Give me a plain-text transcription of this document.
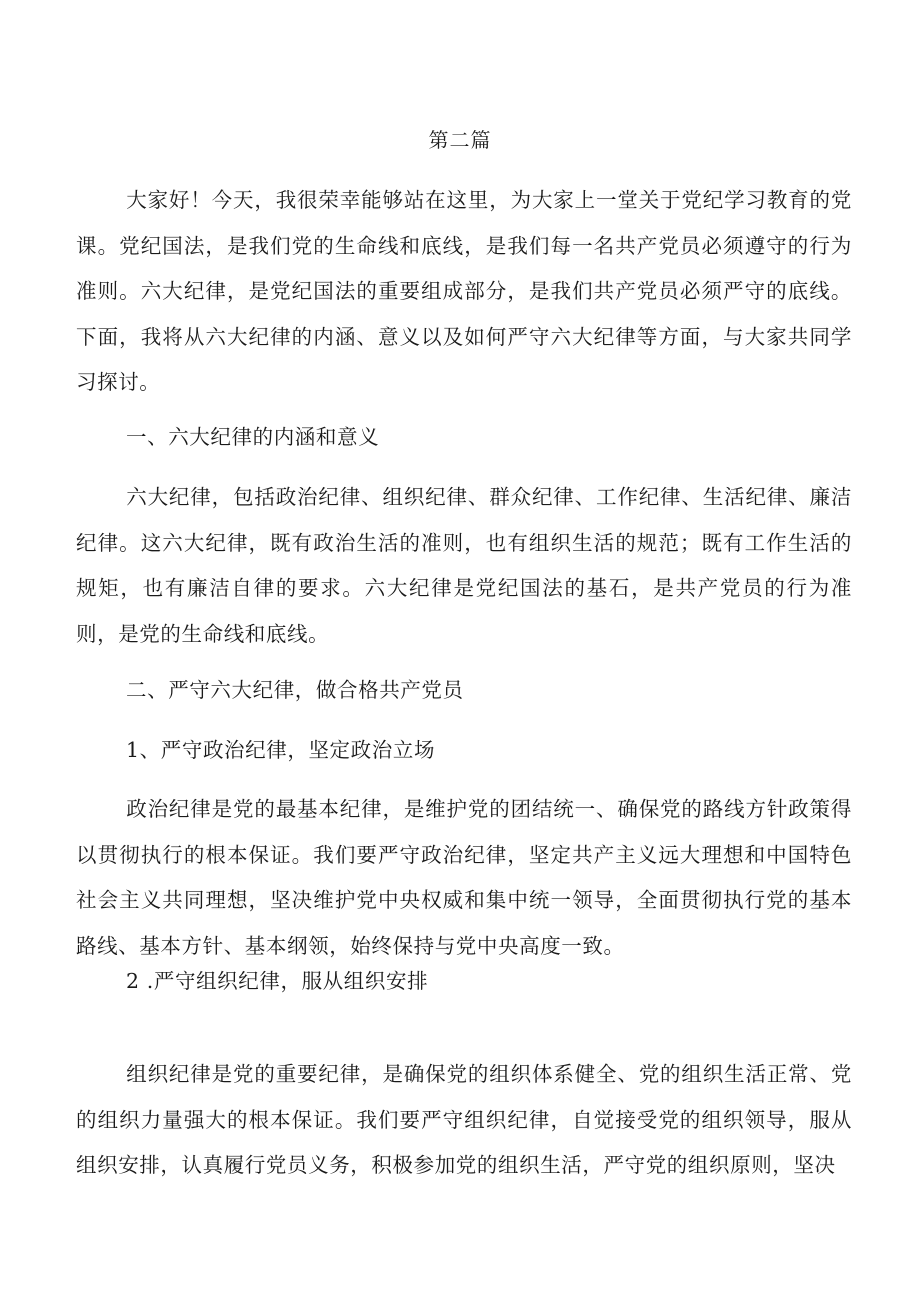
第二篇
大家好！今天，我很荣幸能够站在这里，为大家上一堂关于党纪学习教育的党课。党纪国法，是我们党的生命线和底线，是我们每一名共产党员必须遵守的行为准则。六大纪律，是党纪国法的重要组成部分，是我们共产党员必须严守的底线。下面，我将从六大纪律的内涵、意义以及如何严守六大纪律等方面，与大家共同学习探讨。
一、六大纪律的内涵和意义
六大纪律，包括政治纪律、组织纪律、群众纪律、工作纪律、生活纪律、廉洁纪律。这六大纪律，既有政治生活的准则，也有组织生活的规范；既有工作生活的规矩，也有廉洁自律的要求。六大纪律是党纪国法的基石，是共产党员的行为准则，是党的生命线和底线。
二、严守六大纪律，做合格共产党员
1、严守政治纪律，坚定政治立场
政治纪律是党的最基本纪律，是维护党的团结统一、确保党的路线方针政策得以贯彻执行的根本保证。我们要严守政治纪律，坚定共产主义远大理想和中国特色社会主义共同理想，坚决维护党中央权威和集中统一领导，全面贯彻执行党的基本路线、基本方针、基本纲领，始终保持与党中央高度一致。
2 .严守组织纪律，服从组织安排
组织纪律是党的重要纪律，是确保党的组织体系健全、党的组织生活正常、党的组织力量强大的根本保证。我们要严守组织纪律，自觉接受党的组织领导，服从组织安排，认真履行党员义务，积极参加党的组织生活，严守党的组织原则，坚决
